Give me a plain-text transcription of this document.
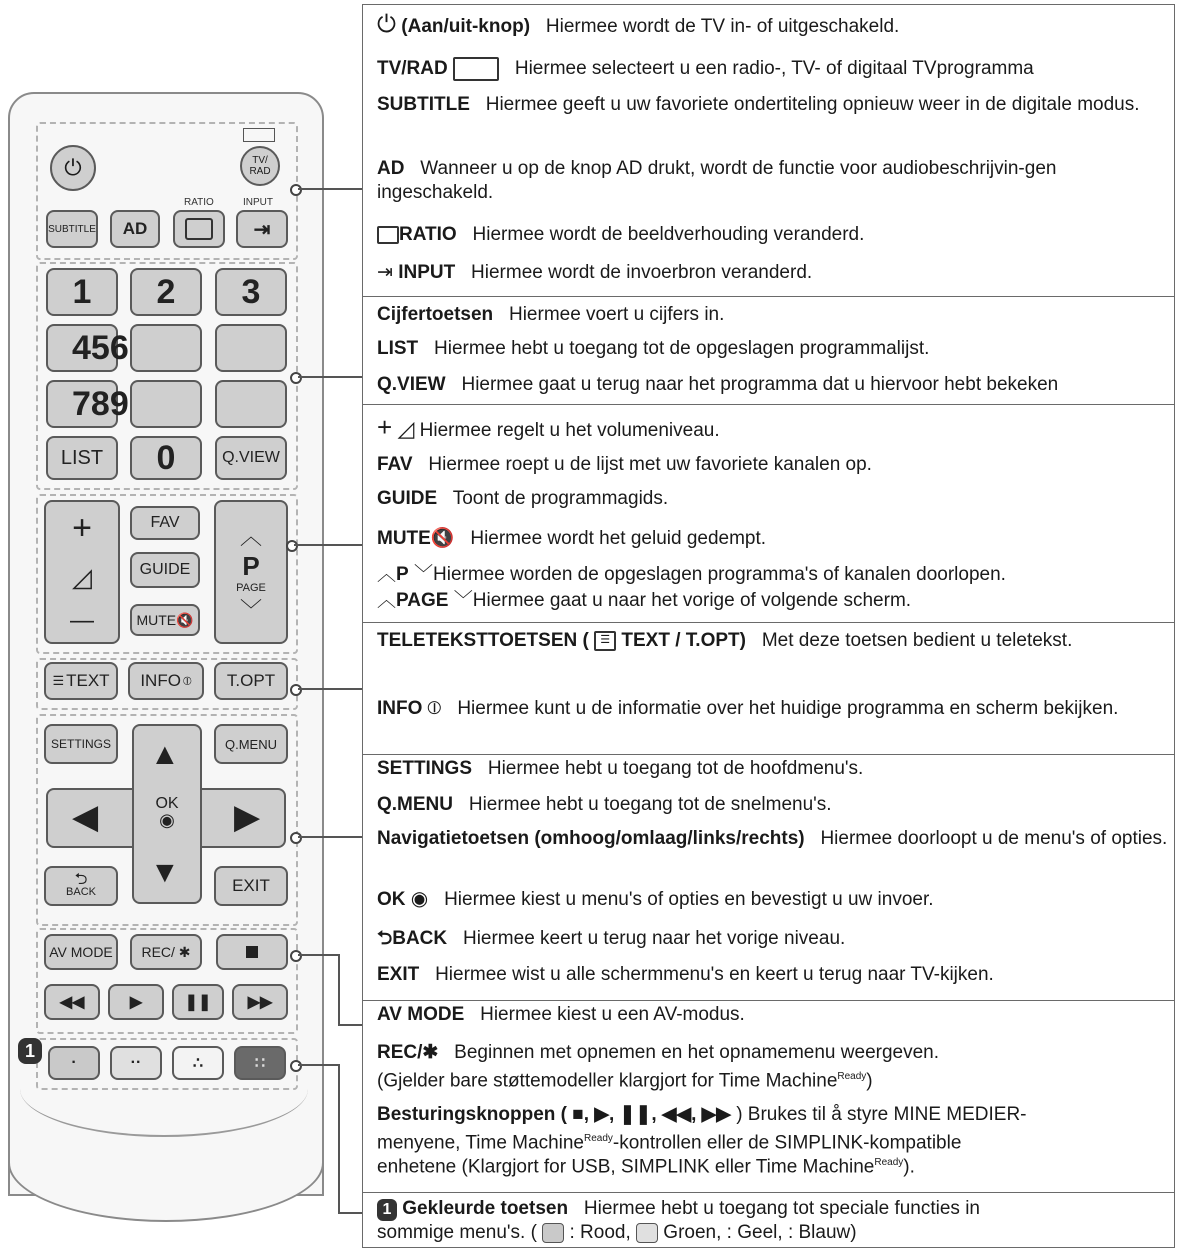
⏻	TV/
RAD
RATIO	INPUT
SUBTITLE	AD	⇥
1	2	3
456
789
LIST	0	Q.VIEW
+
◿
—
FAV
GUIDE
MUTE 🔇
︿
P
PAGE
﹀
☰ TEXT INFO ⦶	T.OPT
SETTINGS	Q.MENU
▲
▼
◀	▶
OK
◉
⮌
BACK	EXIT
AV MODE	REC/ ✱
◀◀	▶	❚❚ ▶▶
1
·	··	∴	∷
⏻ (Aan/uit-knop) Hiermee wordt de TV in- of uitgeschakeld.
TV/RAD	Hiermee selecteert u een radio-, TV- of digitaal TVprogramma
SUBTITLE Hiermee geeft u uw favoriete ondertiteling opnieuw weer in de digitale modus.
AD Wanneer u op de knop AD drukt, wordt de functie voor audiobeschrijvin-gen ingeschakeld.
RATIO Hiermee wordt de beeldverhouding veranderd.
⇥ INPUT Hiermee wordt de invoerbron veranderd.
Cijfertoetsen Hiermee voert u cijfers in.
LIST Hiermee hebt u toegang tot de opgeslagen programmalijst.
Q.VIEW Hiermee gaat u terug naar het programma dat u hiervoor hebt bekeken
+ ◿ Hiermee regelt u het volumeniveau.
FAV Hiermee roept u de lijst met uw favoriete kanalen op.
GUIDE Toont de programmagids.
MUTE🔇 Hiermee wordt het geluid gedempt.
︿P ﹀Hiermee worden de opgeslagen programma's of kanalen doorlopen.
︿PAGE ﹀Hiermee gaat u naar het vorige of volgende scherm.
TELETEKSTTOETSEN ( ☰ TEXT / T.OPT) Met deze toetsen bedient u teletekst.
INFO ⦶ Hiermee kunt u de informatie over het huidige programma en scherm bekijken.
SETTINGS Hiermee hebt u toegang tot de hoofdmenu's.
Q.MENU Hiermee hebt u toegang tot de snelmenu's.
Navigatietoetsen (omhoog/omlaag/links/rechts) Hiermee doorloopt u de menu's of opties.
OK ◉ Hiermee kiest u menu's of opties en bevestigt u uw invoer.
⮌BACK Hiermee keert u terug naar het vorige niveau.
EXIT Hiermee wist u alle schermmenu's en keert u terug naar TV-kijken.
AV MODE Hiermee kiest u een AV-modus.
REC/✱ Beginnen met opnemen en het opnamemenu weergeven.
(Gjelder bare støttemodeller klargjort for Time Machine$^{Ready}$)
Besturingsknoppen ( ■, ▶, ❚❚, ◀◀, ▶▶ ) Brukes til å styre MINE MEDIER-
menyene, Time Machine$^{Ready}$-kontrollen eller de SIMPLINK-kompatible
enhetene (Klargjort for USB, SIMPLINK eller Time Machine$^{Ready}$).
1 Gekleurde toetsen Hiermee hebt u toegang tot speciale functies in
sommige menu's. ( : Rood, Groen, : Geel, : Blauw)
